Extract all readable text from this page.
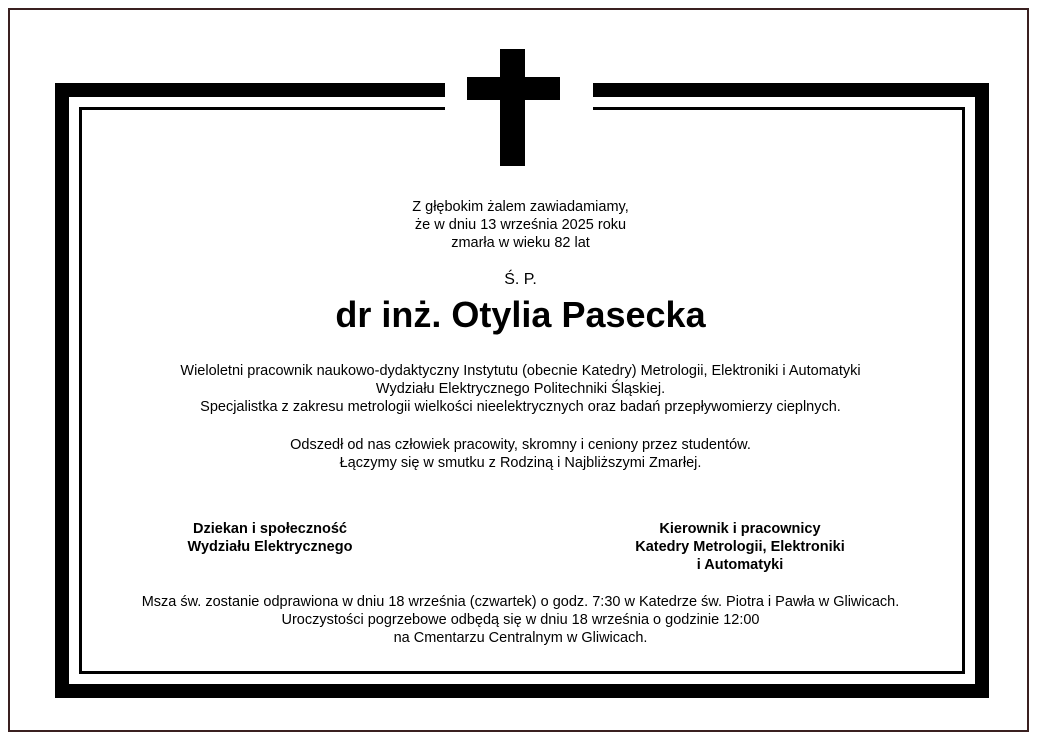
Z głębokim żalem zawiadamiamy,
że w dniu 13 września 2025 roku
zmarła w wieku 82 lat
Ś. P.
dr inż. Otylia Pasecka
Wieloletni pracownik naukowo-dydaktyczny Instytutu (obecnie Katedry) Metrologii, Elektroniki i Automatyki
Wydziału Elektrycznego Politechniki Śląskiej.
Specjalistka z zakresu metrologii wielkości nieelektrycznych oraz badań przepływomierzy cieplnych.
Odszedł od nas człowiek pracowity, skromny i ceniony przez studentów.
Łączymy się w smutku z Rodziną i Najbliższymi Zmarłej.
Dziekan i społeczność
Wydziału Elektrycznego
Kierownik i pracownicy
Katedry Metrologii, Elektroniki
i Automatyki
Msza św. zostanie odprawiona w dniu 18 września (czwartek) o godz. 7:30 w Katedrze św. Piotra i Pawła w Gliwicach.
Uroczystości pogrzebowe odbędą się w dniu 18 września o godzinie 12:00
na Cmentarzu Centralnym w Gliwicach.
